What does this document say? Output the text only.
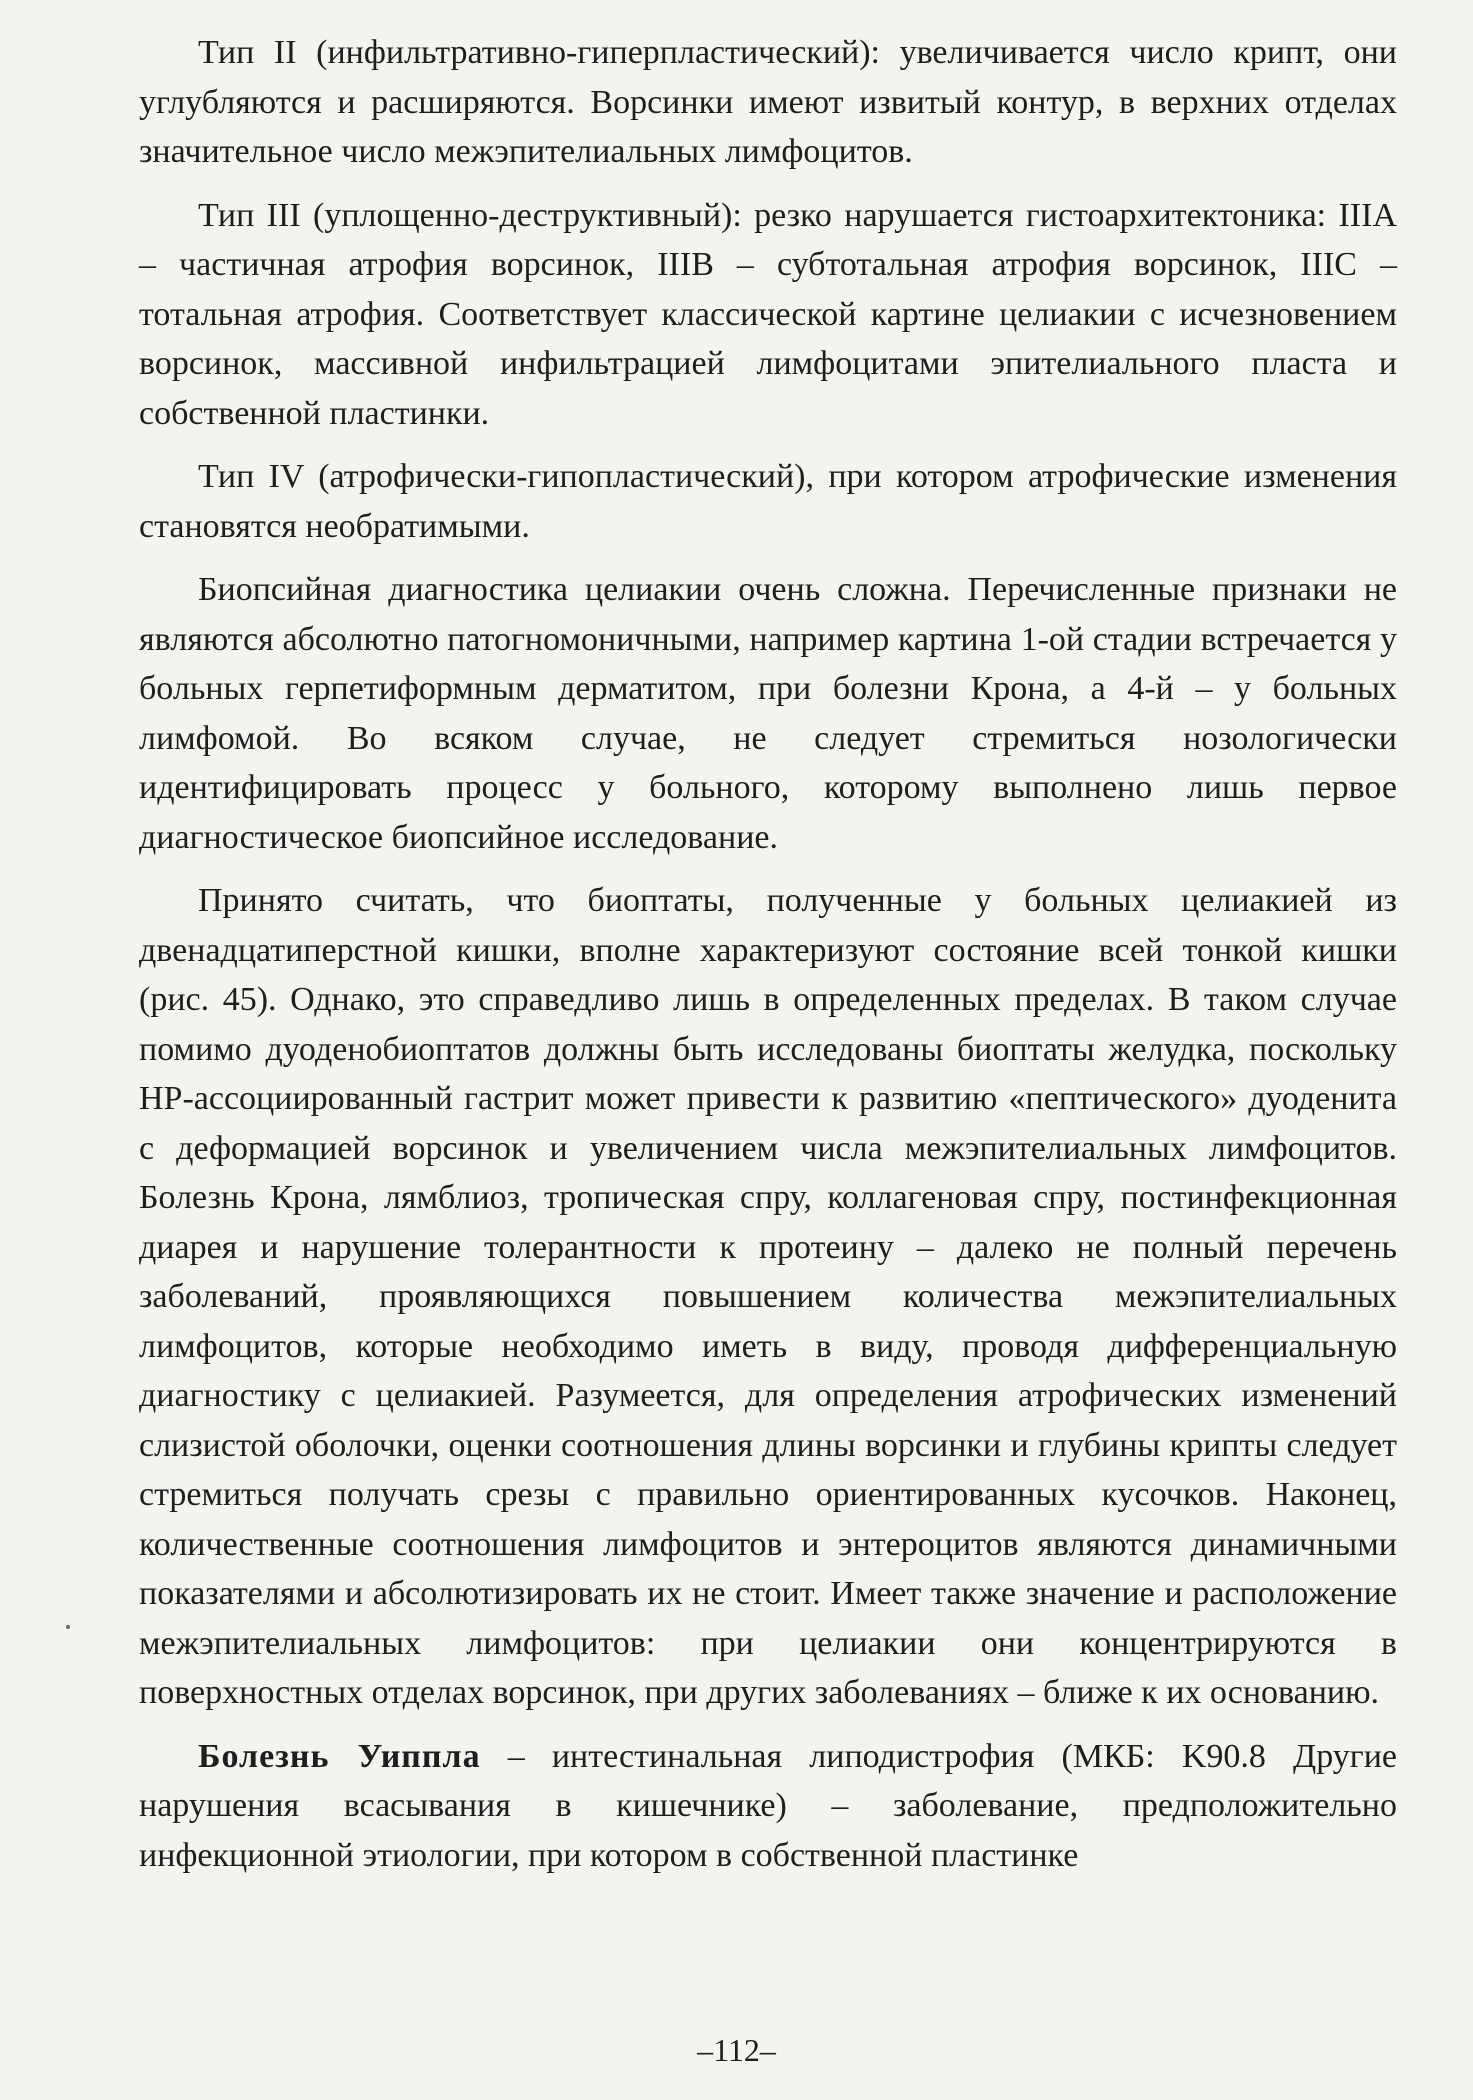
Тип II (инфильтративно-гиперпластический): увеличивается число крипт, они углубляются и расширяются. Ворсинки имеют извитый контур, в верхних отделах значительное число межэпителиальных лимфоцитов.

Тип III (уплощенно-деструктивный): резко нарушается гистоархитектоника: IIIA – частичная атрофия ворсинок, IIIB – субтотальная атрофия ворсинок, IIIC – тотальная атрофия. Соответствует классической картине целиакии с исчезновением ворсинок, массивной инфильтрацией лимфоцитами эпителиального пласта и собственной пластинки.

Тип IV (атрофически-гипопластический), при котором атрофические изменения становятся необратимыми.

Биопсийная диагностика целиакии очень сложна. Перечисленные признаки не являются абсолютно патогномоничными, например картина 1-ой стадии встречается у больных герпетиформным дерматитом, при болезни Крона, а 4-й – у больных лимфомой. Во всяком случае, не следует стремиться нозологически идентифицировать процесс у больного, которому выполнено лишь первое диагностическое биопсийное исследование.

Принято считать, что биоптаты, полученные у больных целиакией из двенадцатиперстной кишки, вполне характеризуют состояние всей тонкой кишки (рис. 45). Однако, это справедливо лишь в определенных пределах. В таком случае помимо дуоденобиоптатов должны быть исследованы биоптаты желудка, поскольку HP-ассоциированный гастрит может привести к развитию «пептического» дуоденита с деформацией ворсинок и увеличением числа межэпителиальных лимфоцитов. Болезнь Крона, лямблиоз, тропическая спру, коллагеновая спру, постинфекционная диарея и нарушение толерантности к протеину – далеко не полный перечень заболеваний, проявляющихся повышением количества межэпителиальных лимфоцитов, которые необходимо иметь в виду, проводя дифференциальную диагностику с целиакией. Разумеется, для определения атрофических изменений слизистой оболочки, оценки соотношения длины ворсинки и глубины крипты следует стремиться получать срезы с правильно ориентированных кусочков. Наконец, количественные соотношения лимфоцитов и энтероцитов являются динамичными показателями и абсолютизировать их не стоит. Имеет также значение и расположение межэпителиальных лимфоцитов: при целиакии они концентрируются в поверхностных отделах ворсинок, при других заболеваниях – ближе к их основанию.

Болезнь Уиппла – интестинальная липодистрофия (МКБ: K90.8 Другие нарушения всасывания в кишечнике) – заболевание, предположительно инфекционной этиологии, при котором в собственной пластинке

–112–
